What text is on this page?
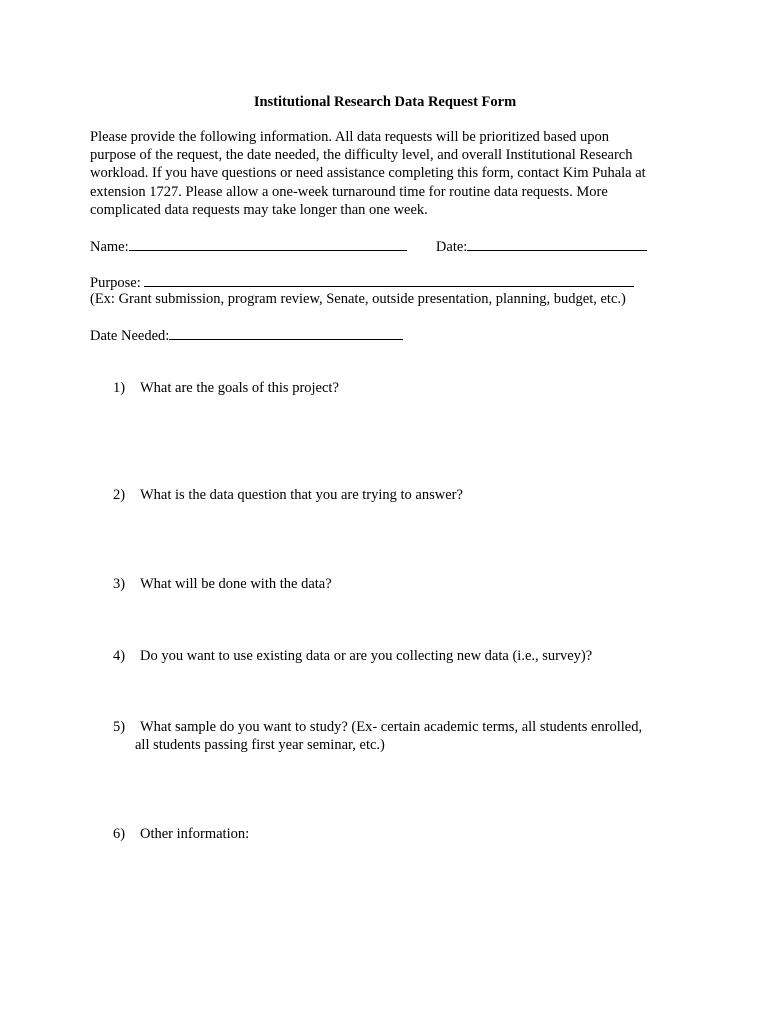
Institutional Research Data Request Form
Please provide the following information. All data requests will be prioritized based upon
purpose of the request, the date needed, the difficulty level, and overall Institutional Research
workload. If you have questions or need assistance completing this form, contact Kim Puhala at
extension 1727. Please allow a one-week turnaround time for routine data requests. More
complicated data requests may take longer than one week.
Name:	Date:
Purpose:
(Ex: Grant submission, program review, Senate, outside presentation, planning, budget, etc.)
Date Needed:
1) What are the goals of this project?
2) What is the data question that you are trying to answer?
3) What will be done with the data?
4) Do you want to use existing data or are you collecting new data (i.e., survey)?
5) What sample do you want to study? (Ex- certain academic terms, all students enrolled,
all students passing first year seminar, etc.)
6) Other information:
